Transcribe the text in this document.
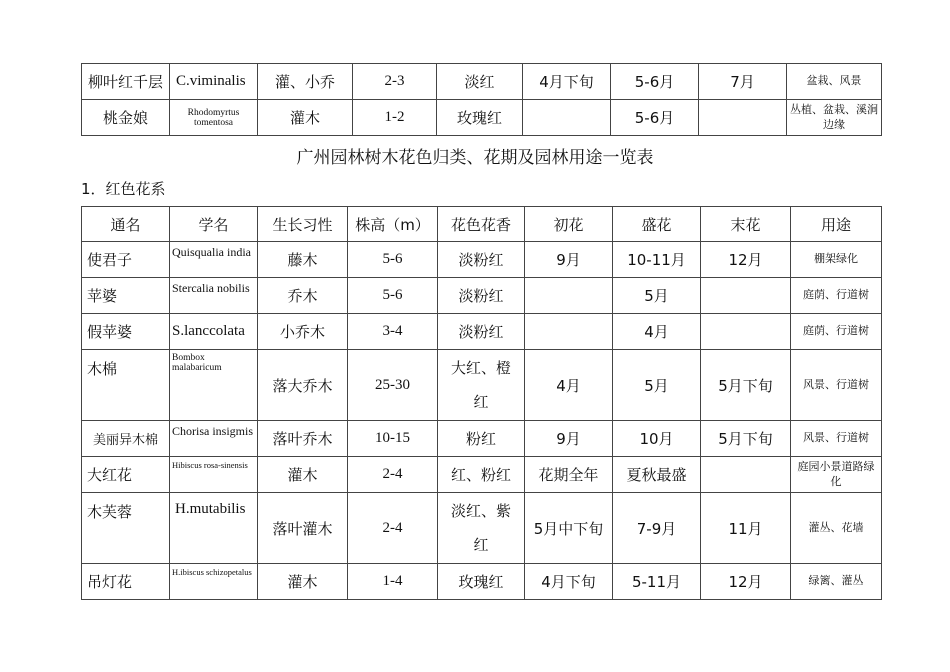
柳叶红千层	C.viminalis	灌、小乔	2-3	淡红	4月下旬	5-6月	7月	盆栽、风景
桃金娘	Rhodomyrtus tomentosa	灌木	1-2	玫瑰红		5-6月		丛植、盆栽、溪涧边缘
广州园林树木花色归类、花期及园林用途一览表
1．红色花系
通名	学名	生长习性	株高（m）	花色花香	初花	盛花	末花	用途
使君子	Quisqualia india	藤木	5-6	淡粉红	9月	10-11月	12月	棚架绿化
苹婆	Stercalia nobilis	乔木	5-6	淡粉红		5月		庭荫、行道树
假苹婆	S.lanccolata	小乔木	3-4	淡粉红		4月		庭荫、行道树
木棉	Bombox malabaricum	落大乔木	25-30	大红、橙红	4月	5月	5月下旬	风景、行道树
美丽异木棉	Chorisa insigmis	落叶乔木	10-15	粉红	9月	10月	5月下旬	风景、行道树
大红花	Hibiscus rosa-sinensis	灌木	2-4	红、粉红	花期全年	夏秋最盛		庭园小景道路绿化
木芙蓉	H.mutabilis	落叶灌木	2-4	淡红、紫红	5月中下旬	7-9月	11月	灌丛、花墙
吊灯花	H.ibiscus schizopetalus	灌木	1-4	玫瑰红	4月下旬	5-11月	12月	绿篱、灌丛
